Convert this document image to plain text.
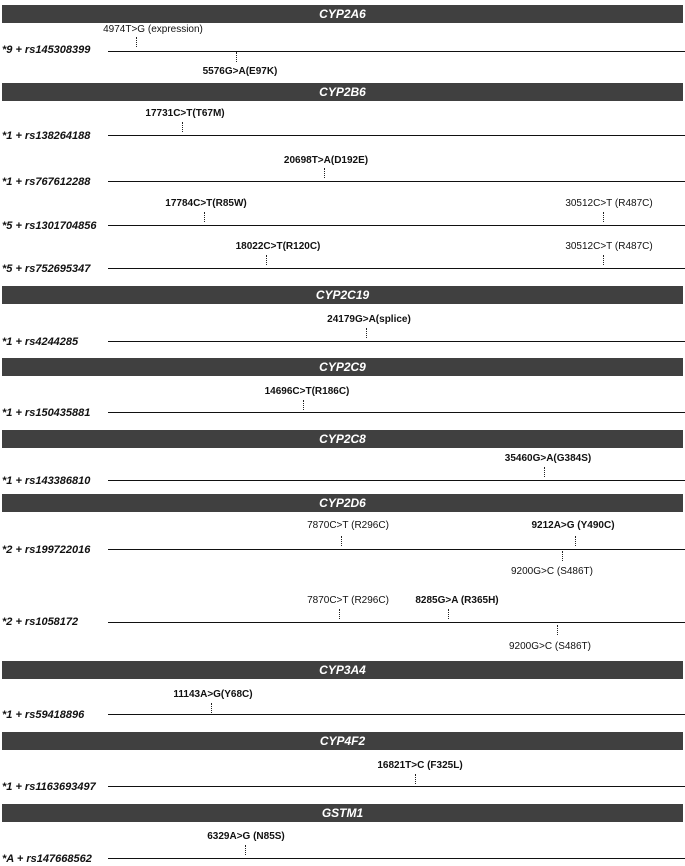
CYP2A6
*9 + rs145308399
4974T>G (expression)
5576G>A(E97K)
CYP2B6
17731C>T(T67M)
*1 + rs138264188
20698T>A(D192E)
*1 + rs767612288
17784C>T(R85W)	30512C>T (R487C)
*5 + rs1301704856
18022C>T(R120C)	30512C>T (R487C)
*5 + rs752695347
CYP2C19
24179G>A(splice)
*1 + rs4244285
CYP2C9
14696C>T(R186C)
*1 + rs150435881
CYP2C8
35460G>A(G384S)
*1 + rs143386810
CYP2D6
7870C>T (R296C)	9212A>G (Y490C)
*2 + rs199722016
9200G>C (S486T)
7870C>T (R296C)	8285G>A (R365H)
*2 + rs1058172
9200G>C (S486T)
CYP3A4
11143A>G(Y68C)
*1 + rs59418896
CYP4F2
16821T>C (F325L)
*1 + rs1163693497
GSTM1
6329A>G (N85S)
*A + rs147668562
